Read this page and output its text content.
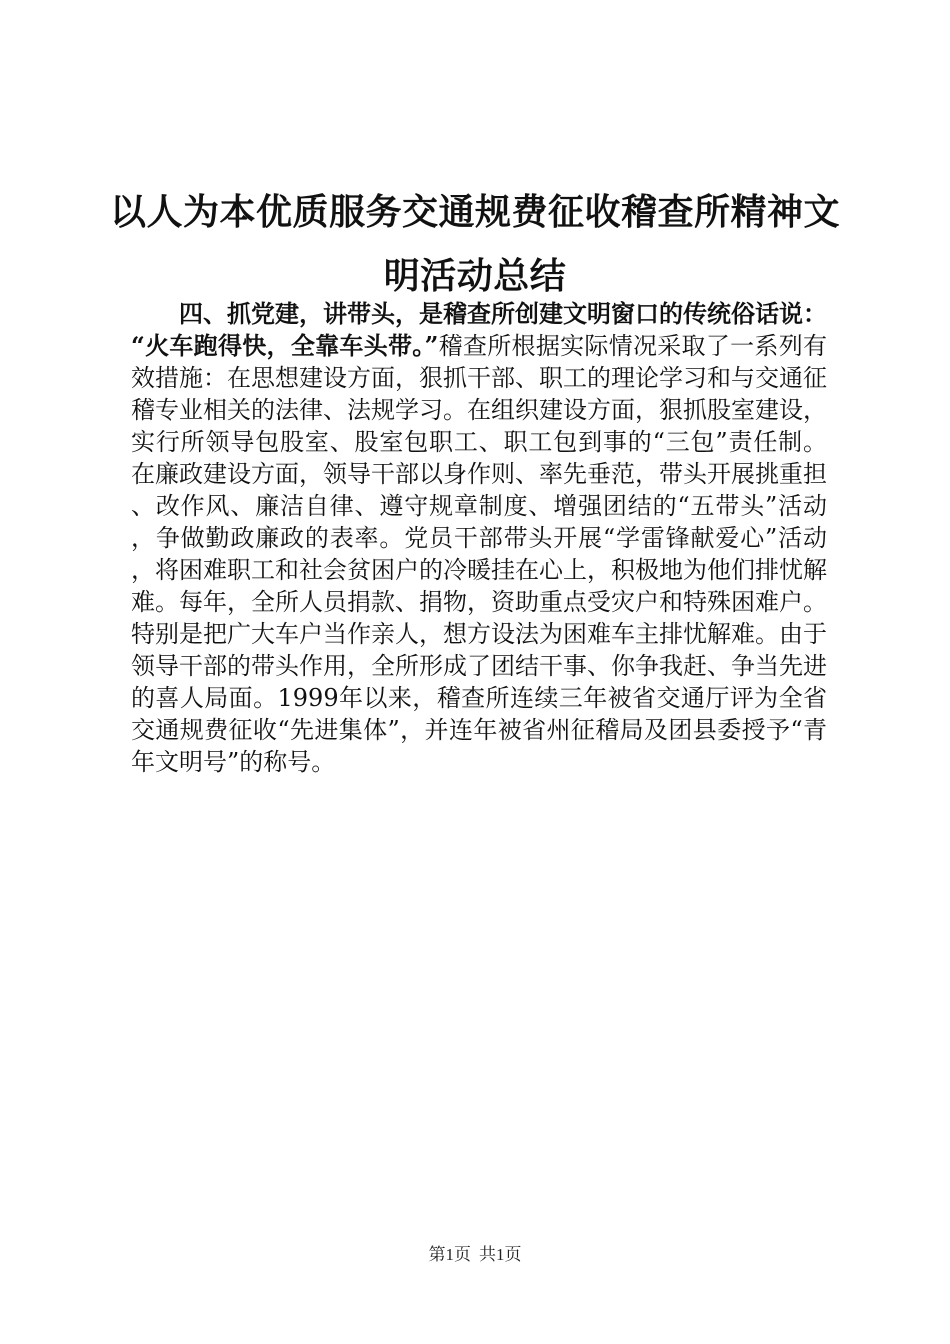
以人为本优质服务交通规费征收稽查所精神文明活动总结
四、抓党建，讲带头，是稽查所创建文明窗口的传统俗话说：“火车跑得快，全靠车头带。”稽查所根据实际情况采取了一系列有效措施：在思想建设方面，狠抓干部、职工的理论学习和与交通征稽专业相关的法律、法规学习。在组织建设方面，狠抓股室建设，实行所领导包股室、股室包职工、职工包到事的“三包”责任制。在廉政建设方面，领导干部以身作则、率先垂范，带头开展挑重担、改作风、廉洁自律、遵守规章制度、增强团结的“五带头”活动，争做勤政廉政的表率。党员干部带头开展“学雷锋献爱心”活动，将困难职工和社会贫困户的冷暖挂在心上，积极地为他们排忧解难。每年，全所人员捐款、捐物，资助重点受灾户和特殊困难户。特别是把广大车户当作亲人，想方设法为困难车主排忧解难。由于领导干部的带头作用，全所形成了团结干事、你争我赶、争当先进的喜人局面。1999年以来，稽查所连续三年被省交通厅评为全省交通规费征收“先进集体”，并连年被省州征稽局及团县委授予“青年文明号”的称号。
第1页 共1页
